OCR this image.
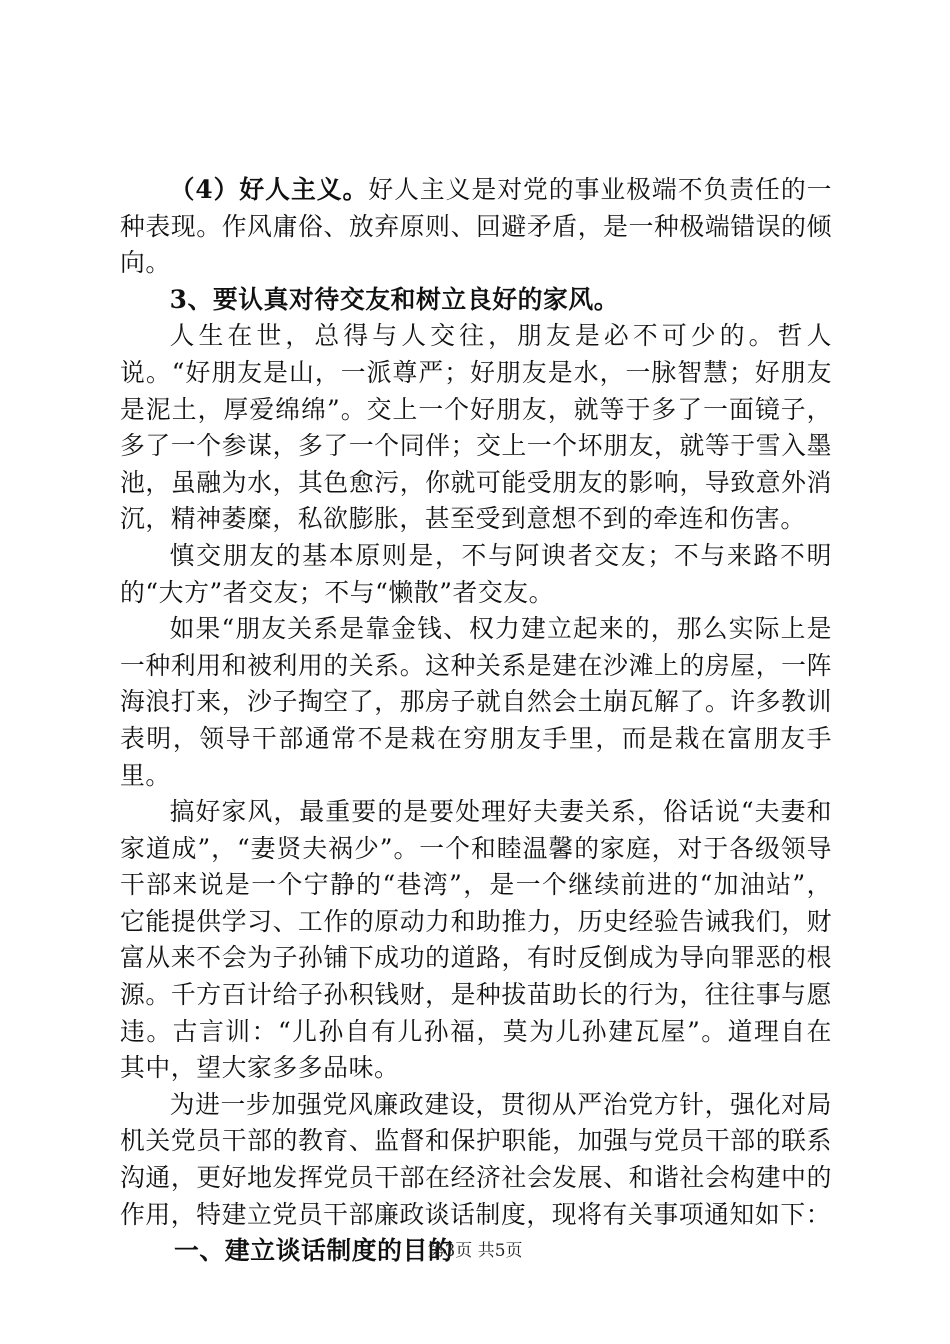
（4）好人主义。好人主义是对党的事业极端不负责任的一种表现。作风庸俗、放弃原则、回避矛盾，是一种极端错误的倾向。

3、要认真对待交友和树立良好的家风。

人生在世，总得与人交往，朋友是必不可少的。哲人说。“好朋友是山，一派尊严；好朋友是水，一脉智慧；好朋友是泥土，厚爱绵绵”。交上一个好朋友，就等于多了一面镜子，多了一个参谋，多了一个同伴；交上一个坏朋友，就等于雪入墨池，虽融为水，其色愈污，你就可能受朋友的影响，导致意外消沉，精神萎糜，私欲膨胀，甚至受到意想不到的牵连和伤害。

慎交朋友的基本原则是，不与阿谀者交友；不与来路不明的“大方”者交友；不与“懒散”者交友。

如果“朋友关系是靠金钱、权力建立起来的，那么实际上是一种利用和被利用的关系。这种关系是建在沙滩上的房屋，一阵海浪打来，沙子掏空了，那房子就自然会土崩瓦解了。许多教训表明，领导干部通常不是栽在穷朋友手里，而是栽在富朋友手里。

搞好家风，最重要的是要处理好夫妻关系，俗话说“夫妻和家道成”，“妻贤夫祸少”。一个和睦温馨的家庭，对于各级领导干部来说是一个宁静的“巷湾”，是一个继续前进的“加油站”，它能提供学习、工作的原动力和助推力，历史经验告诫我们，财富从来不会为子孙铺下成功的道路，有时反倒成为导向罪恶的根源。千方百计给子孙积钱财，是种拔苗助长的行为，往往事与愿违。古言训：“儿孙自有儿孙福，莫为儿孙建瓦屋”。道理自在其中，望大家多多品味。

为进一步加强党风廉政建设，贯彻从严治党方针，强化对局机关党员干部的教育、监督和保护职能，加强与党员干部的联系沟通，更好地发挥党员干部在经济社会发展、和谐社会构建中的作用，特建立党员干部廉政谈话制度，现将有关事项通知如下：

一、建立谈话制度的目的

第3页 共5页
